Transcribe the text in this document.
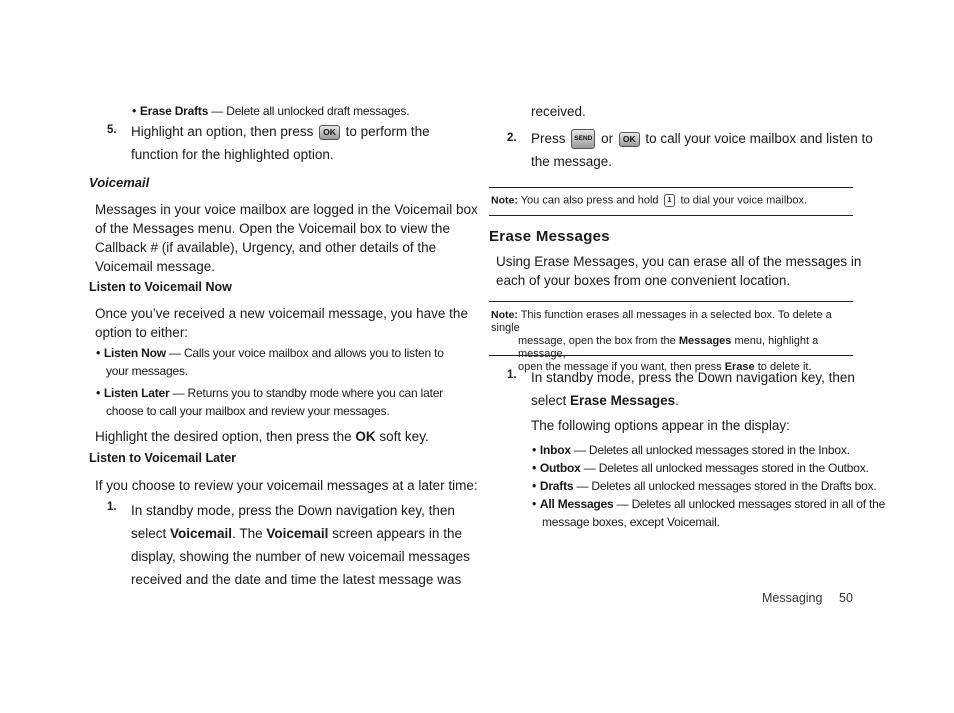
• Erase Drafts — Delete all unlocked draft messages.
5. Highlight an option, then press OK to perform the
function for the highlighted option.
Voicemail
Messages in your voice mailbox are logged in the Voicemail box
of the Messages menu. Open the Voicemail box to view the
Callback # (if available), Urgency, and other details of the
Voicemail message.
Listen to Voicemail Now
Once you’ve received a new voicemail message, you have the
option to either:
• Listen Now — Calls your voice mailbox and allows you to listen to
your messages.
• Listen Later — Returns you to standby mode where you can later
choose to call your mailbox and review your messages.
Highlight the desired option, then press the OK soft key.
Listen to Voicemail Later
If you choose to review your voicemail messages at a later time:
1. In standby mode, press the Down navigation key, then
select Voicemail. The Voicemail screen appears in the
display, showing the number of new voicemail messages
received and the date and time the latest message was
received.
2. Press SEND or OK to call your voice mailbox and listen to
the message.
Note: You can also press and hold 1 to dial your voice mailbox.
Erase Messages
Using Erase Messages, you can erase all of the messages in
each of your boxes from one convenient location.
Note: This function erases all messages in a selected box. To delete a single
message, open the box from the Messages menu, highlight a message,
open the message if you want, then press Erase to delete it.
1. In standby mode, press the Down navigation key, then
select Erase Messages.
The following options appear in the display:
• Inbox — Deletes all unlocked messages stored in the Inbox.
• Outbox — Deletes all unlocked messages stored in the Outbox.
• Drafts — Deletes all unlocked messages stored in the Drafts box.
• All Messages — Deletes all unlocked messages stored in all of the
message boxes, except Voicemail.
Messaging 50
